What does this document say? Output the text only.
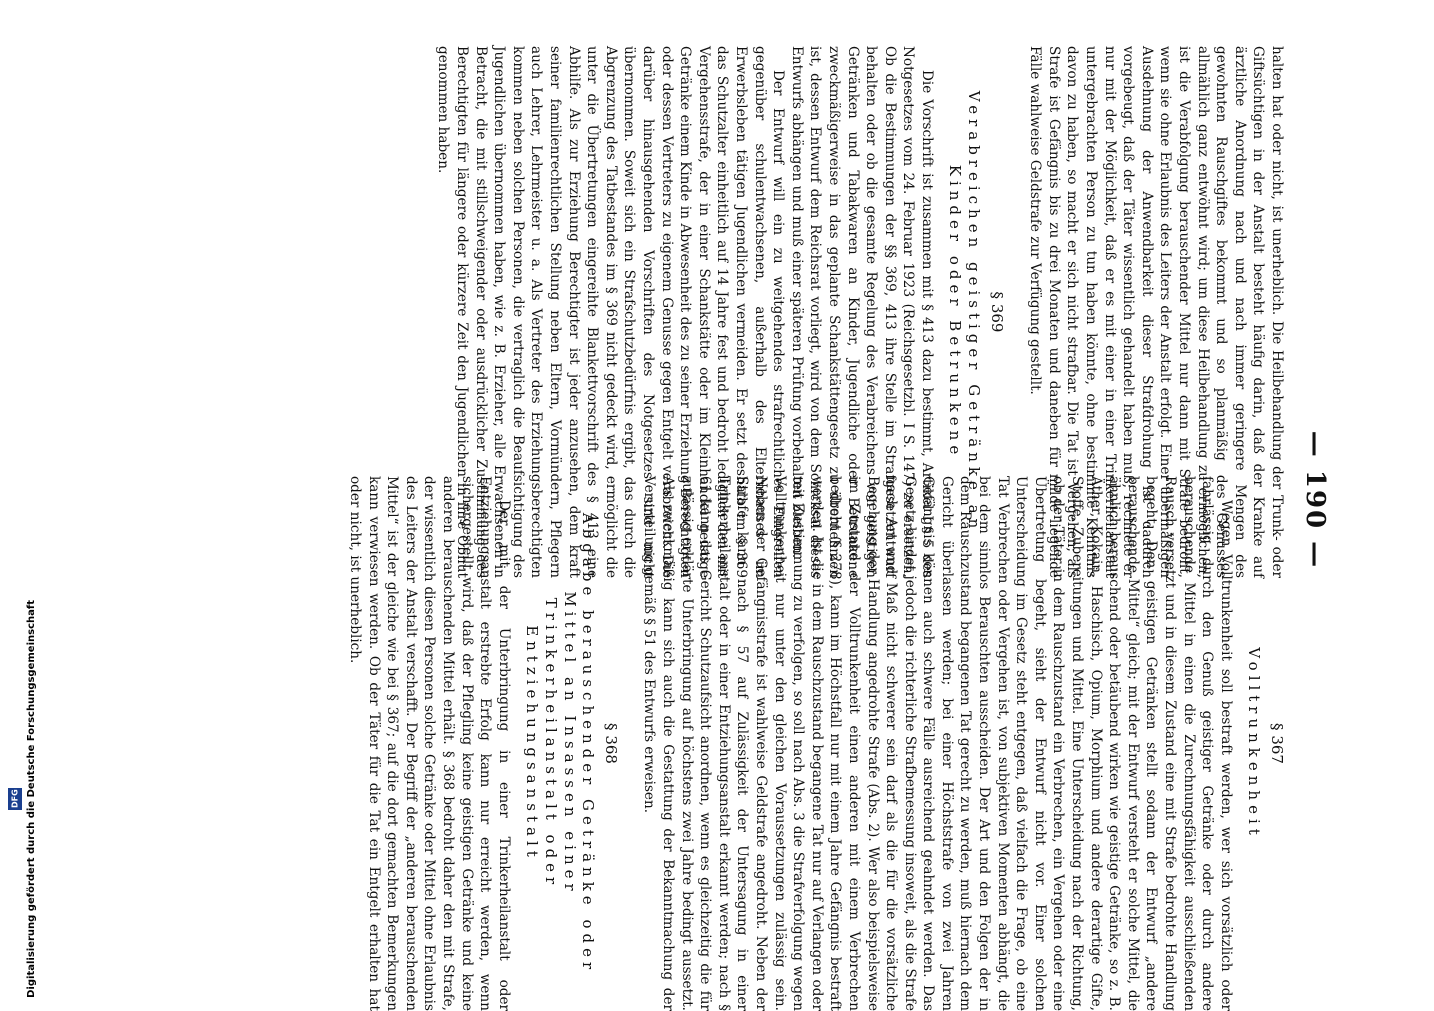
— 190 —

halten hat oder nicht, ist unerheblich. Die Heilbehandlung der Trunk- oder Giftsüchtigen in der Anstalt besteht häufig darin, daß der Kranke auf ärztliche Anordnung nach und nach immer geringere Mengen des gewohnten Rauschgiftes bekommt und so planmäßig des Genusses allmählich ganz entwöhnt wird; um diese Heilbehandlung zu ermöglichen, ist die Verabfolgung berauschender Mittel nur dann mit Strafe bedroht, wenn sie ohne Erlaubnis des Leiters der Anstalt erfolgt. Einer übermäßigen Ausdehnung der Anwendbarkeit dieser Strafdrohung ist dadurch vorgebeugt, daß der Täter wissentlich gehandelt haben muß; rechnete er nur mit der Möglichkeit, daß er es mit einer in einer Trinkerheilanstalt untergebrachten Person zu tun haben könnte, ohne bestimmte Kenntnis davon zu haben, so macht er sich nicht strafbar. Die Tat ist Vergehen; als Strafe ist Gefängnis bis zu drei Monaten und daneben für milde liegende Fälle wahlweise Geldstrafe zur Verfügung gestellt.

§ 369
Verabreichen geistiger Getränke an Kinder oder Betrunkene

Die Vorschrift ist zusammen mit § 413 dazu bestimmt, Artikel I § 5 des Notgesetzes vom 24. Februar 1923 (Reichsgesetzbl. I S. 147) zu ersetzen. Ob die Bestimmungen der §§ 369, 413 ihre Stelle im Strafgesetzentwurf behalten oder ob die gesamte Regelung des Verabreichens von geistigen Getränken und Tabakwaren an Kinder, Jugendliche oder Betrunkene zweckmäßigerweise in das geplante Schankstättengesetz zu übernehmen ist, dessen Entwurf dem Reichsrat vorliegt, wird von dem Schicksal dieses Entwurfs abhängen und muß einer späteren Prüfung vorbehalten bleiben.

Der Entwurf will ein zu weitgehendes strafrechtliches Eingreifen gegenüber schulentwachsenen, außerhalb des Elternhauses im Erwerbsleben tätigen Jugendlichen vermeiden. Er setzt deshalb im § 369 das Schutzalter einheitlich auf 14 Jahre fest und bedroht lediglich den mit Vergehensstrafe, der in einer Schankstätte oder im Kleinhandel geistige Getränke einem Kinde in Abwesenheit des zu seiner Erziehung Berechtigten oder dessen Vertreters zu eigenem Genusse gegen Entgelt verabreicht. Die darüber hinausgehenden Vorschriften des Notgesetzes sind nicht übernommen. Soweit sich ein Strafschutzbedürfnis ergibt, das durch die Abgrenzung des Tatbestandes im § 369 nicht gedeckt wird, ermöglicht die unter die Übertretungen eingereihte Blankettvorschrift des § 413 eine Abhilfe. Als zur Erziehung Berechtigter ist jeder anzusehen, dem kraft seiner familienrechtlichen Stellung neben Eltern, Vormündern, Pflegern auch Lehrer, Lehrmeister u. a. Als Vertreter des Erziehungsberechtigten kommen neben solchen Personen, die vertraglich die Beaufsichtigung des Jugendlichen übernommen haben, wie z. B. Erzieher, alle Erwachsenen in Betracht, die mit stillschweigender oder ausdrücklicher Zustimmung des Berechtigten für längere oder kürzere Zeit den Jugendlichen in ihre Obhut genommen haben.

§ 367
Volltrunkenheit

Wegen Volltrunkenheit soll bestraft werden, wer sich vorsätzlich oder fahrlässig durch den Genuß geistiger Getränke oder durch andere berauschende Mittel in einen die Zurechnungsfähigkeit ausschließenden Rausch versetzt und in diesem Zustand eine mit Strafe bedrohte Handlung begeht. Den geistigen Getränken stellt sodann der Entwurf „andere berauschende Mittel“ gleich; mit der Entwurf versteht er solche Mittel, die ähnlich berauschend oder betäubend wirken wie geistige Getränke, so z. B. Äther, Kokain, Haschisch, Opium, Morphium und andere derartige Gifte, Stoffe, Zubereitungen und Mittel. Eine Unterscheidung nach der Richtung, ob der Täter in dem Rauschzustand ein Verbrechen, ein Vergehen oder eine Übertretung begeht, sieht der Entwurf nicht vor. Einer solchen Unterscheidung im Gesetz steht entgegen, daß vielfach die Frage, ob eine Tat Verbrechen oder Vergehen ist, von subjektiven Momenten abhängt, die bei dem sinnlos Berauschten ausscheiden. Der Art und den Folgen der in dem Rauschzustand begangenen Tat gerecht zu werden, muß hiernach dem Gericht überlassen werden; bei einer Höchststrafe von zwei Jahren Gefängnis können auch schwere Fälle ausreichend geahndet werden. Das Gesetz bindet jedoch die richterliche Strafbemessung insoweit, als die Strafe nach Art und Maß nicht schwerer sein darf als die für die vorsätzliche Begehung der Handlung angedrohte Strafe (Abs. 2). Wer also beispielsweise im Zustand der Volltrunkenheit einen anderen mit einem Verbrechen bedroht (§ 278), kann im Höchstfall nur mit einem Jahre Gefängnis bestraft werden. Ist die in dem Rauschzustand begangene Tat nur auf Verlangen oder mit Zustimmung zu verfolgen, so soll nach Abs. 3 die Strafverfolgung wegen Volltrunkenheit nur unter den gleichen Voraussetzungen zulässig sein. Neben der Gefängnisstrafe ist wahlweise Geldstrafe angedroht. Neben der Strafe kann nach § 57 auf Zulässigkeit der Untersagung in einer Trinkerheilanstalt oder in einer Entziehungsanstalt erkannt werden; nach § 61 kann das Gericht Schutzaufsicht anordnen, wenn es gleichzeitig die für zulässig erklärte Unterbringung auf höchstens zwei Jahre bedingt aussetzt. Als zweckmäßig kann sich auch die Gestattung der Bekanntmachung der Verurteilung gemäß § 51 des Entwurfs erweisen.

§ 368
Abgabe berauschender Getränke oder Mittel an Insassen einer Trinkerheilanstalt oder Entziehungsanstalt

Der mit der Unterbringung in einer Trinkerheilanstalt oder Entziehungsanstalt erstrebte Erfolg kann nur erreicht werden, wenn sichergestellt wird, daß der Pflegling keine geistigen Getränke und keine anderen berauschenden Mittel erhält. § 368 bedroht daher den mit Strafe, der wissentlich diesen Personen solche Getränke oder Mittel ohne Erlaubnis des Leiters der Anstalt verschafft. Der Begriff der „anderen berauschenden Mittel“ ist der gleiche wie bei § 367; auf die dort gemachten Bemerkungen kann verwiesen werden. Ob der Täter für die Tat ein Entgelt erhalten hat oder nicht, ist unerheblich.

DFG Digitalisierung gefördert durch die Deutsche Forschungsgemeinschaft
